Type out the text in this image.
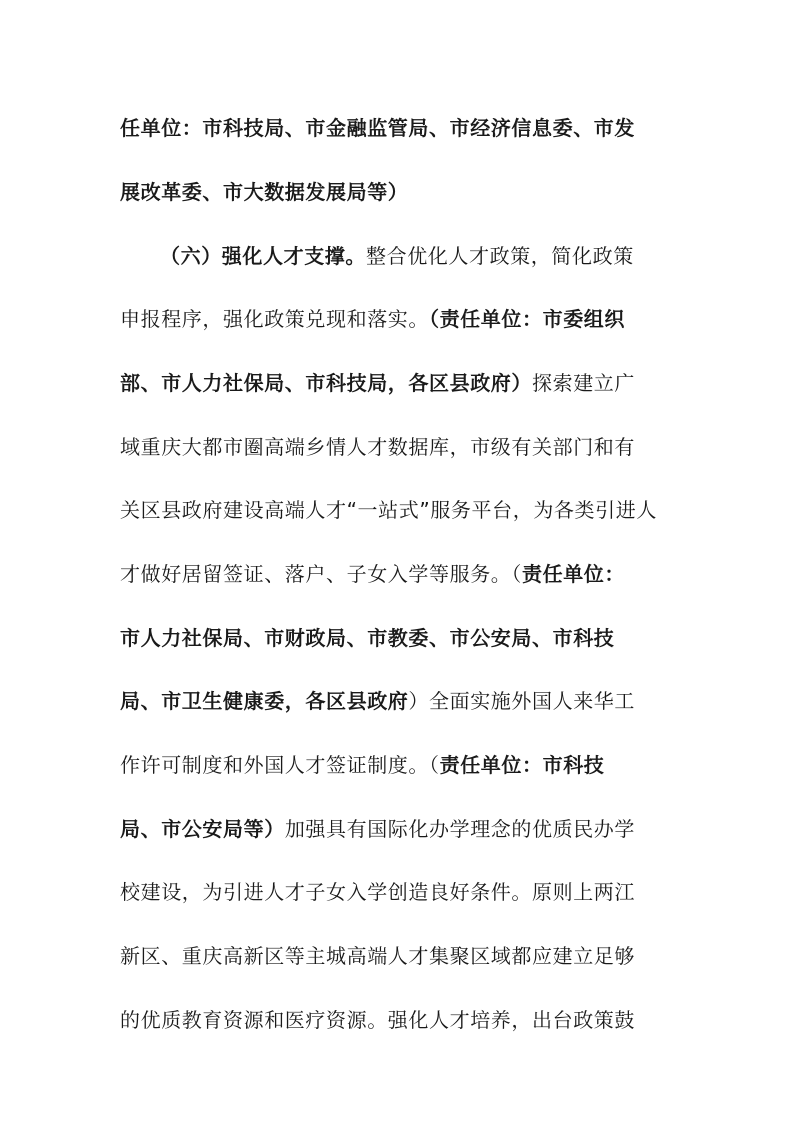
任单位：市科技局、市金融监管局、市经济信息委、市发
展改革委、市大数据发展局等）
（六）强化人才支撑。整合优化人才政策，简化政策
申报程序，强化政策兑现和落实。（责任单位：市委组织
部、市人力社保局、市科技局，各区县政府）探索建立广
域重庆大都市圈高端乡情人才数据库，市级有关部门和有
关区县政府建设高端人才“一站式”服务平台，为各类引进人
才做好居留签证、落户、子女入学等服务。（责任单位：
市人力社保局、市财政局、市教委、市公安局、市科技
局、市卫生健康委，各区县政府）全面实施外国人来华工
作许可制度和外国人才签证制度。（责任单位：市科技
局、市公安局等）加强具有国际化办学理念的优质民办学
校建设，为引进人才子女入学创造良好条件。原则上两江
新区、重庆高新区等主城高端人才集聚区域都应建立足够
的优质教育资源和医疗资源。强化人才培养，出台政策鼓
